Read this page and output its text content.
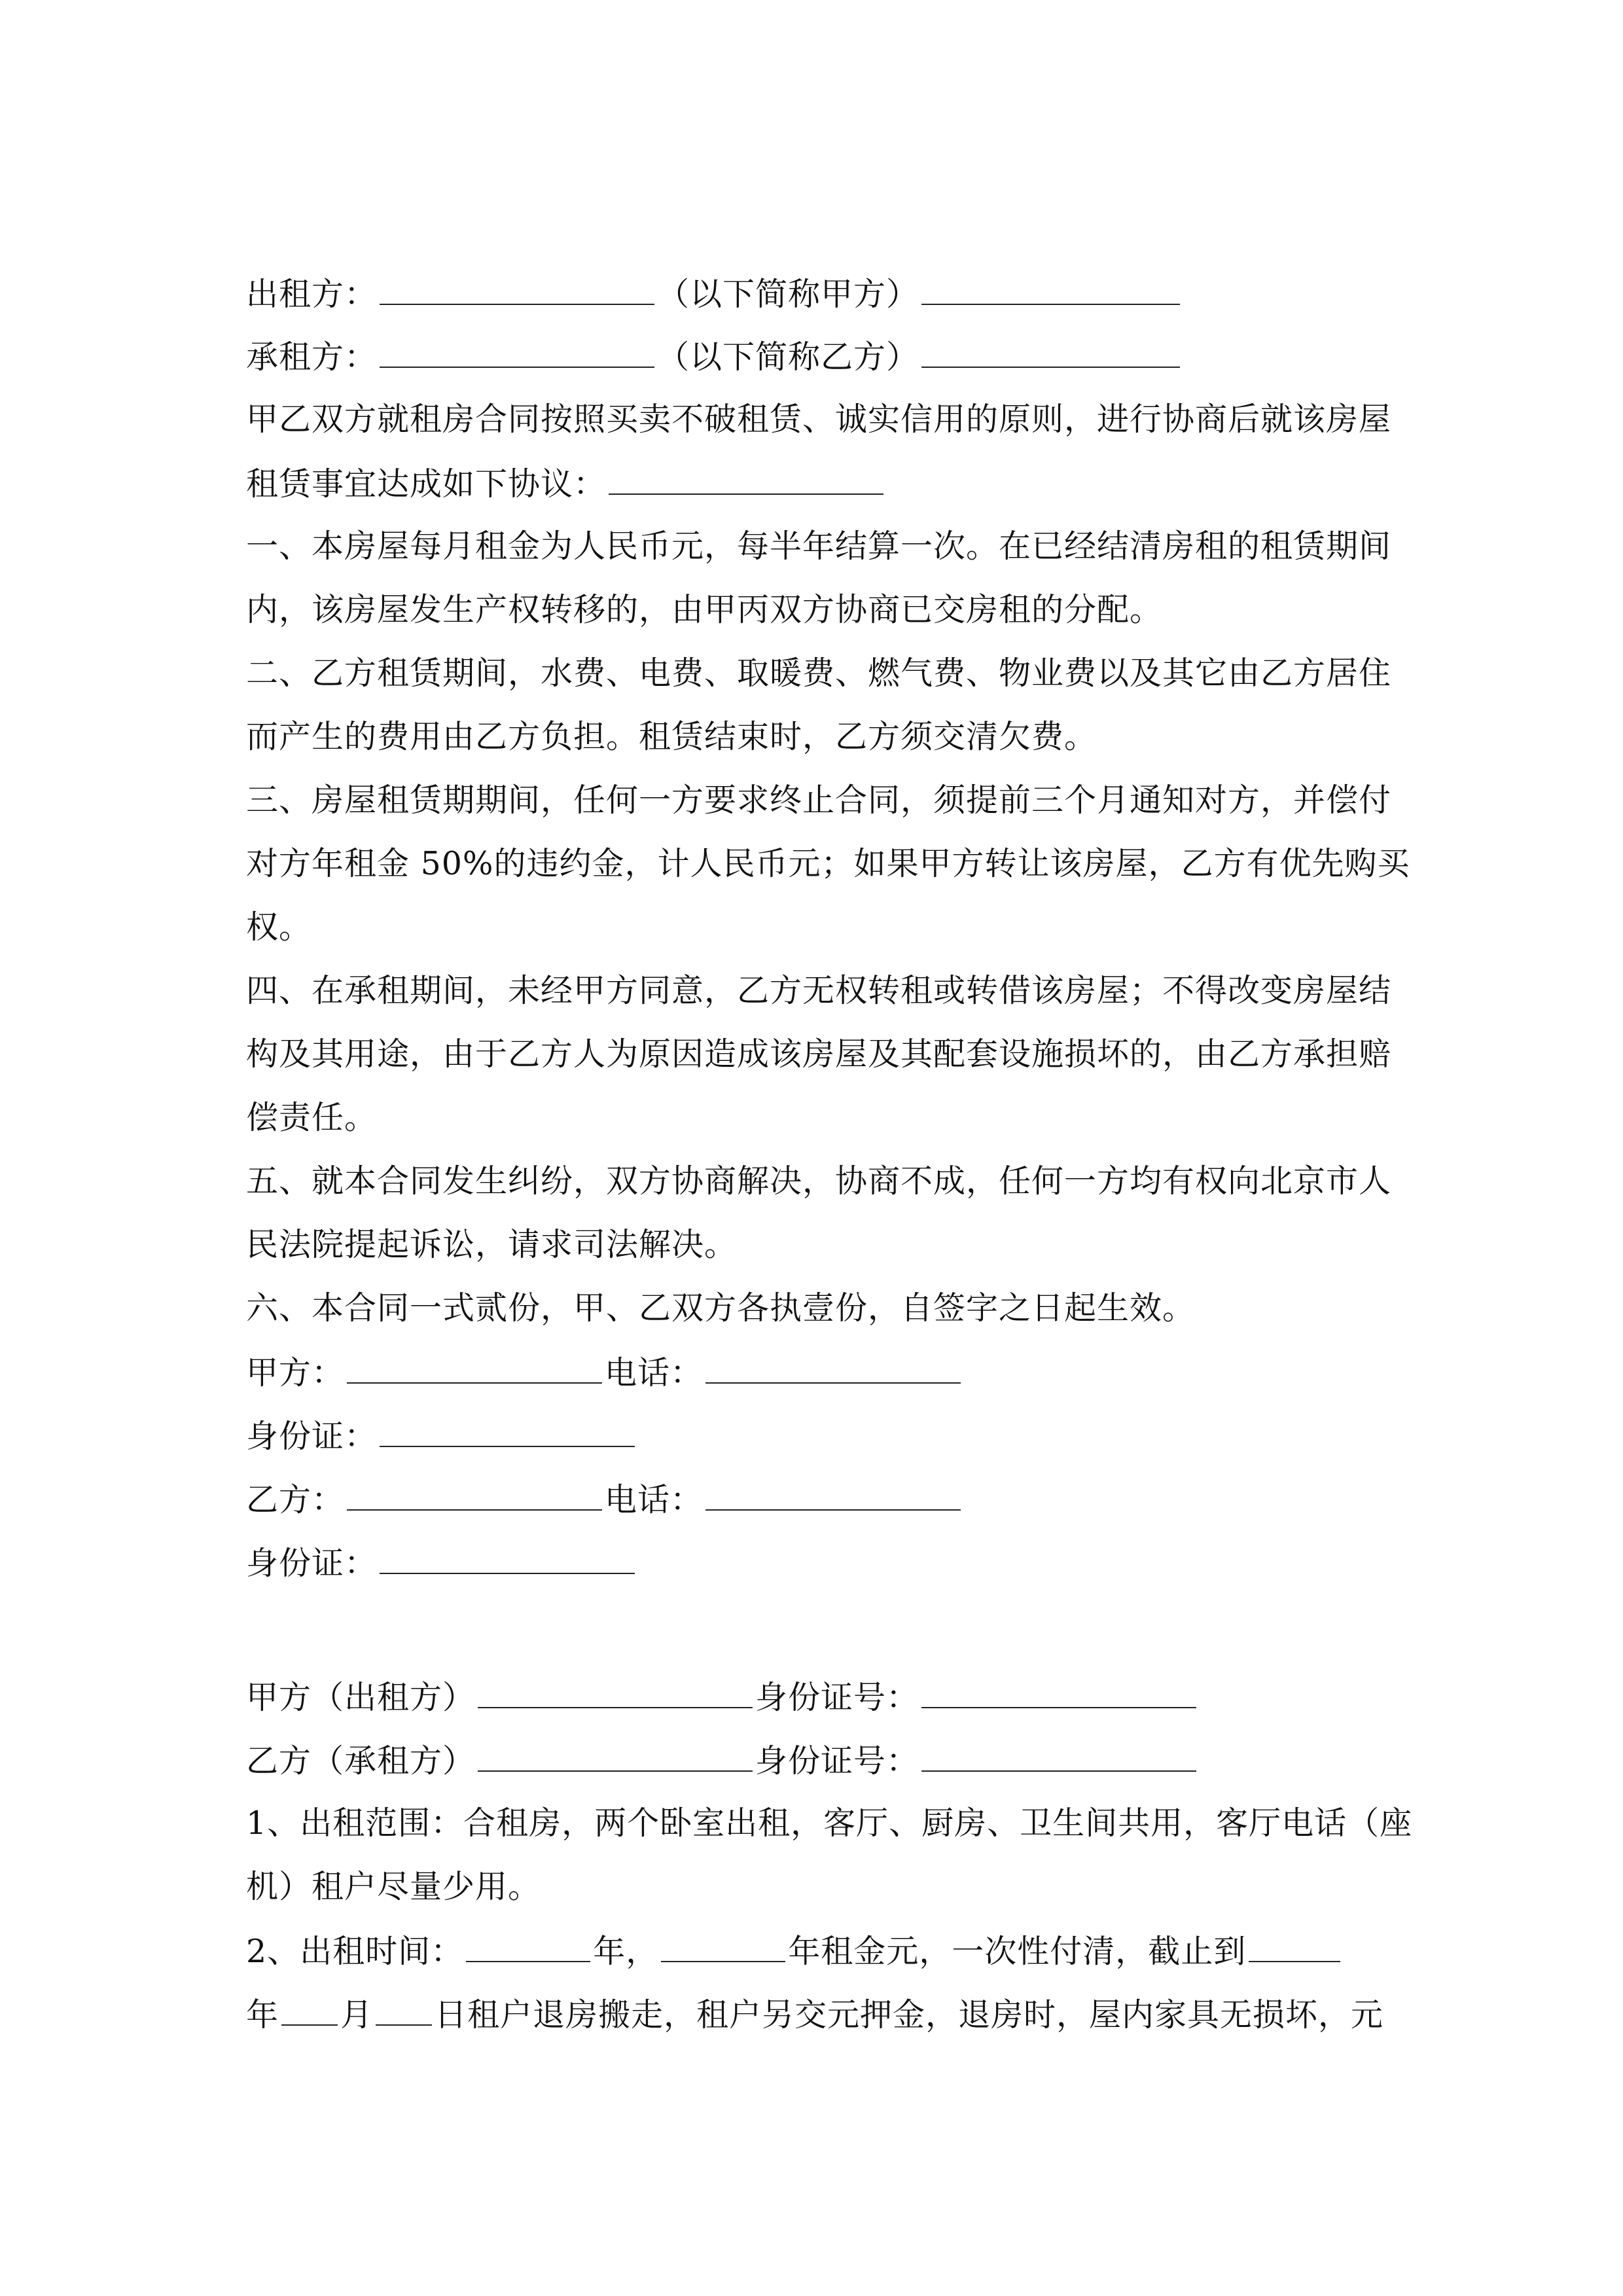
出租方：	（以下简称甲方）
承租方：	（以下简称乙方）
甲乙双方就租房合同按照买卖不破租赁、诚实信用的原则，进行协商后就该房屋
租赁事宜达成如下协议：
一、本房屋每月租金为人民币元，每半年结算一次。在已经结清房租的租赁期间
内，该房屋发生产权转移的，由甲丙双方协商已交房租的分配。
二、乙方租赁期间，水费、电费、取暖费、燃气费、物业费以及其它由乙方居住
而产生的费用由乙方负担。租赁结束时，乙方须交清欠费。
三、房屋租赁期期间，任何一方要求终止合同，须提前三个月通知对方，并偿付
对方年租金 50%的违约金，计人民币元；如果甲方转让该房屋，乙方有优先购买
权。
四、在承租期间，未经甲方同意，乙方无权转租或转借该房屋；不得改变房屋结
构及其用途，由于乙方人为原因造成该房屋及其配套设施损坏的，由乙方承担赔
偿责任。
五、就本合同发生纠纷，双方协商解决，协商不成，任何一方均有权向北京市人
民法院提起诉讼，请求司法解决。
六、本合同一式贰份，甲、乙双方各执壹份，自签字之日起生效。
甲方：	电话：
身份证：
乙方：	电话：
身份证：
甲方（出租方）	身份证号：
乙方（承租方）	身份证号：
1、出租范围：合租房，两个卧室出租，客厅、厨房、卫生间共用，客厅电话（座
机）租户尽量少用。
2、出租时间：	年，	年租金元，一次性付清，截止到
年 月 日租户退房搬走，租户另交元押金，退房时，屋内家具无损坏，元
